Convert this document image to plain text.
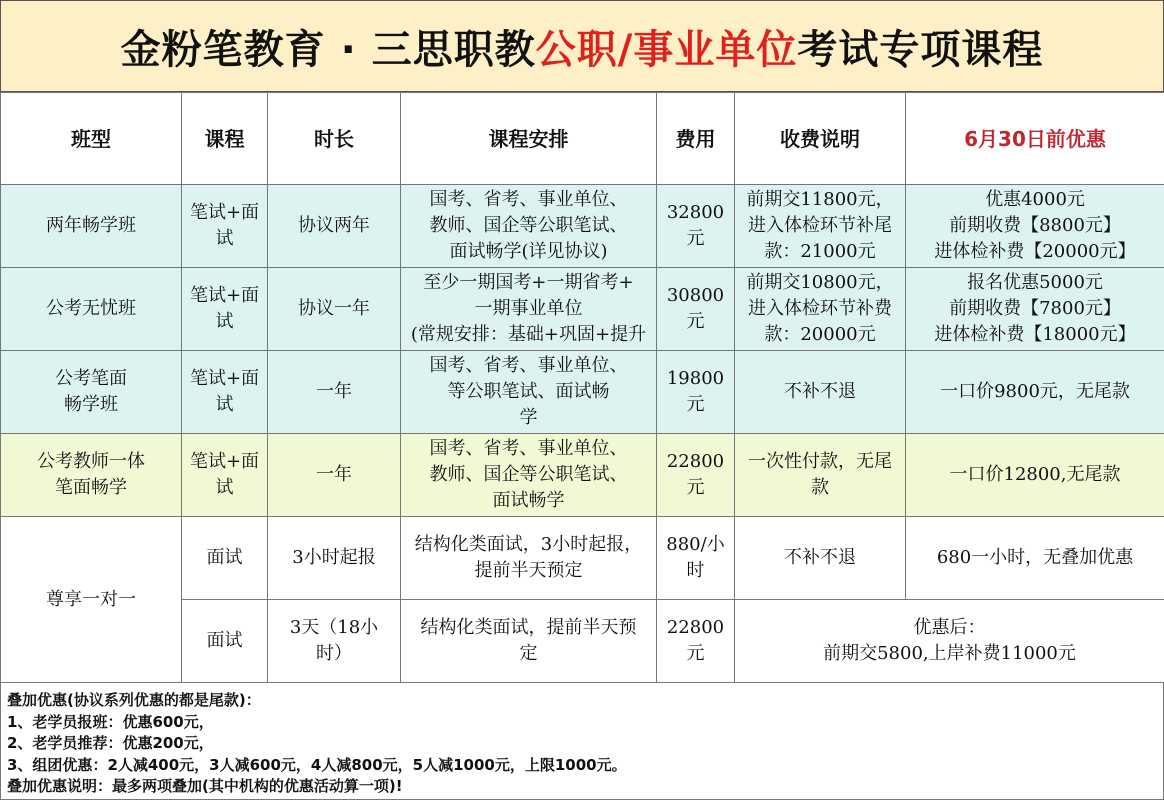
金粉笔教育 · 三思职教 公职/事业单位 考试专项课程
班型	课程	时长	课程安排	费用	收费说明	6月30日前优惠

两年畅学班	笔试+面
试	协议两年	国考、省考、事业单位、
教师、国企等公职笔试、
面试畅学(详见协议)	32800元	前期交11800元，
进入体检环节补尾
款：21000元	优惠4000元
前期收费【8800元】
进体检补费【20000元】

公考无忧班	笔试+面
试	协议一年	至少一期国考+一期省考+
一期事业单位
(常规安排：基础+巩固+提升	30800元	前期交10800元，
进入体检环节补费
款：20000元	报名优惠5000元
前期收费【7800元】
进体检补费【18000元】

公考笔面
畅学班	笔试+面
试	一年	国考、省考、事业单位、
等公职笔试、面试畅
学	19800元	不补不退	一口价9800元，无尾款

公考教师一体
笔面畅学	笔试+面
试	一年	国考、省考、事业单位、
教师、国企等公职笔试、
面试畅学	22800元	一次性付款，无尾
款	一口价12800,无尾款

尊享一对一	面试	3小时起报	结构化类面试，3小时起报，
提前半天预定	880/小
时	不补不退	680一小时，无叠加优惠

	面试	3天（18小
时）	结构化类面试，提前半天预
定	22800元	优惠后：
前期交5800,上岸补费11000元	
叠加优惠(协议系列优惠的都是尾款)：
1、老学员报班：优惠600元，
2、老学员推荐：优惠200元，
3、组团优惠：2人减400元，3人减600元，4人减800元，5人减1000元，上限1000元。
叠加优惠说明：最多两项叠加(其中机构的优惠活动算一项)!
